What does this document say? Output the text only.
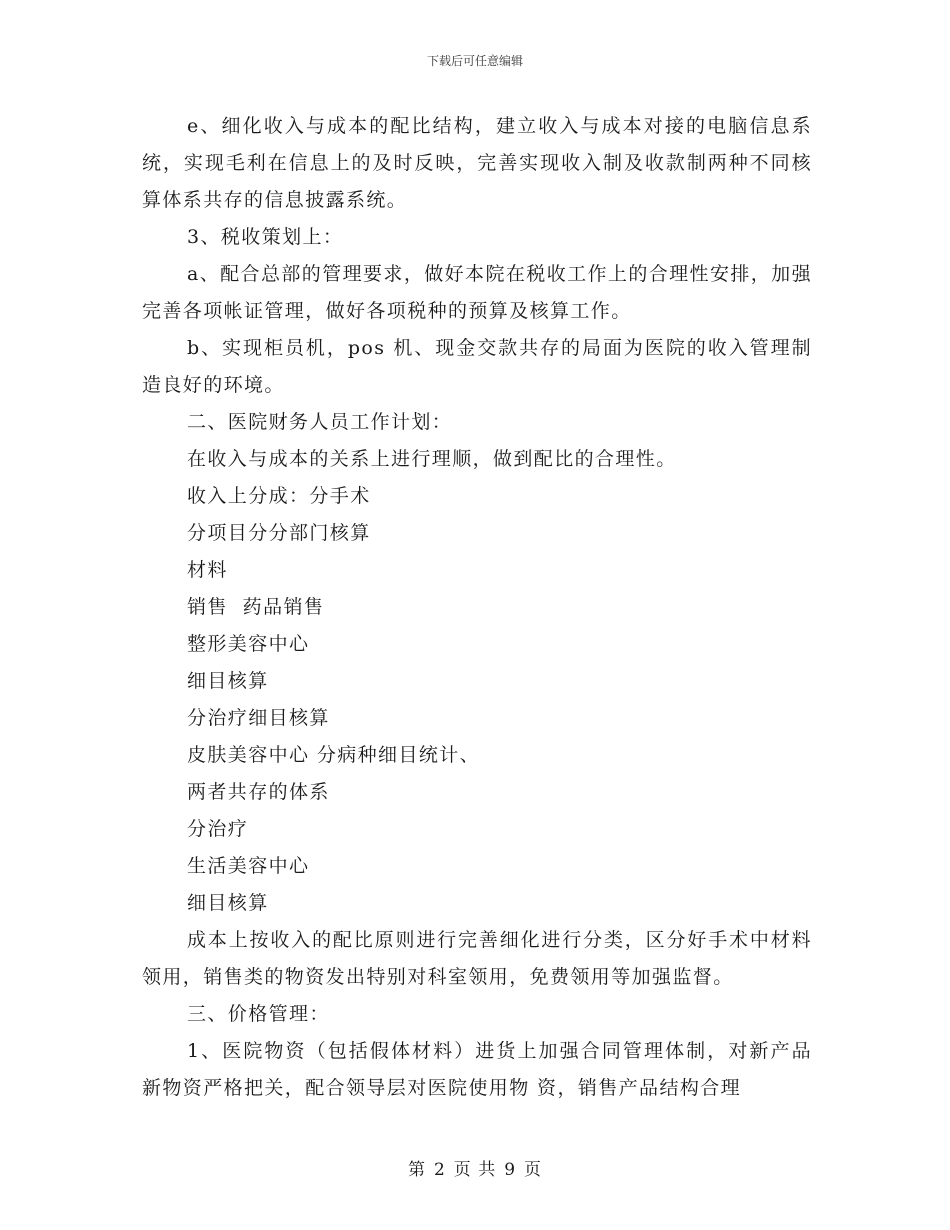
下载后可任意编辑

e、细化收入与成本的配比结构，建立收入与成本对接的电脑信息系统，实现毛利在信息上的及时反映，完善实现收入制及收款制两种不同核算体系共存的信息披露系统。

3、税收策划上：

a、配合总部的管理要求，做好本院在税收工作上的合理性安排，加强完善各项帐证管理，做好各项税种的预算及核算工作。

b、实现柜员机，pos 机、现金交款共存的局面为医院的收入管理制造良好的环境。

二、医院财务人员工作计划：

在收入与成本的关系上进行理顺，做到配比的合理性。

收入上分成：分手术

分项目分分部门核算

材料

销售  药品销售

整形美容中心

细目核算

分治疗细目核算

皮肤美容中心 分病种细目统计、

两者共存的体系

分治疗

生活美容中心

细目核算

成本上按收入的配比原则进行完善细化进行分类，区分好手术中材料领用，销售类的物资发出特别对科室领用，免费领用等加强监督。

三、价格管理：

1、医院物资（包括假体材料）进货上加强合同管理体制，对新产品新物资严格把关，配合领导层对医院使用物 资，销售产品结构合理

第 2 页 共 9 页
